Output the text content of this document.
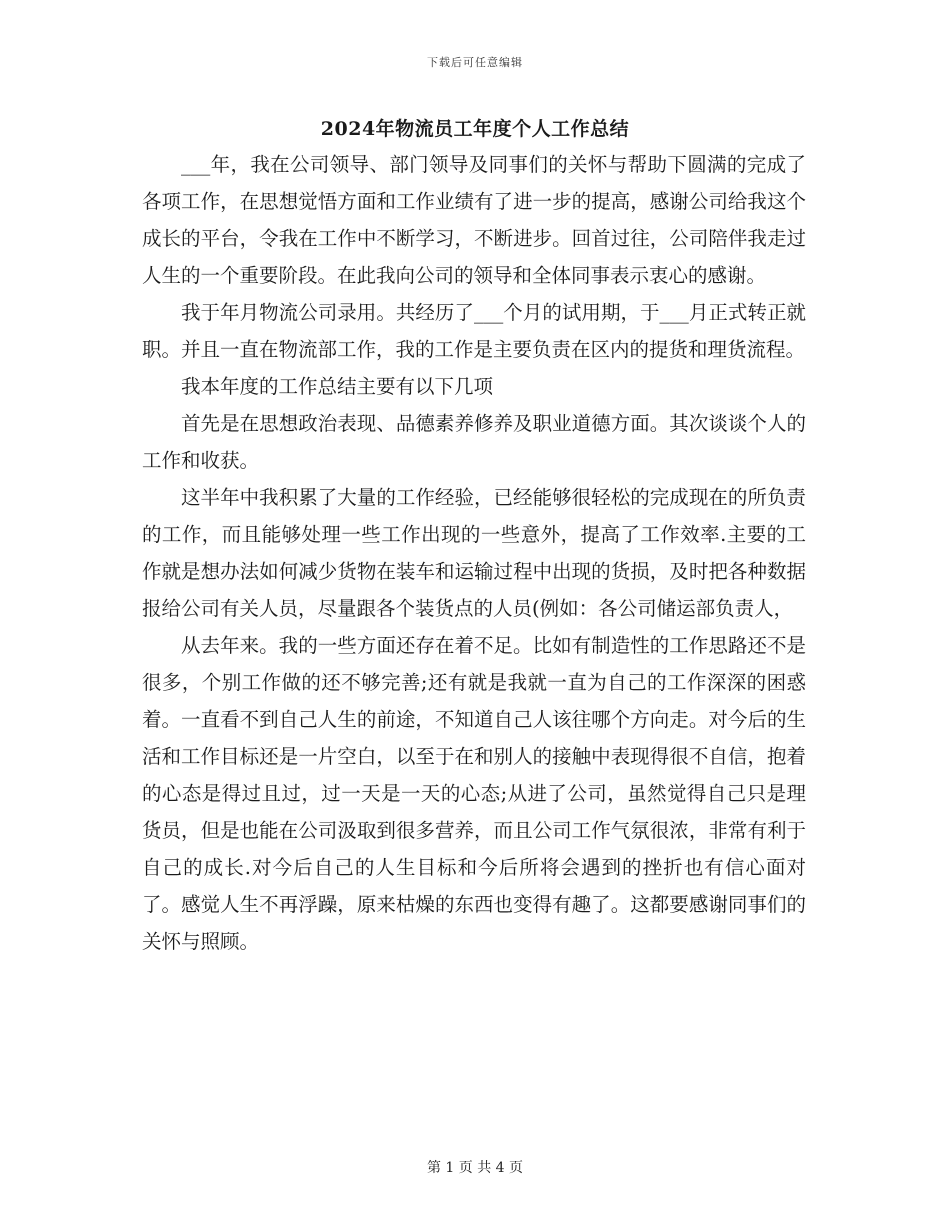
下载后可任意编辑
2024年物流员工年度个人工作总结

___年，我在公司领导、部门领导及同事们的关怀与帮助下圆满的完成了各项工作，在思想觉悟方面和工作业绩有了进一步的提高，感谢公司给我这个成长的平台，令我在工作中不断学习，不断进步。回首过往，公司陪伴我走过人生的一个重要阶段。在此我向公司的领导和全体同事表示衷心的感谢。

我于年月物流公司录用。共经历了___个月的试用期，于___月正式转正就职。并且一直在物流部工作，我的工作是主要负责在区内的提货和理货流程。

我本年度的工作总结主要有以下几项

首先是在思想政治表现、品德素养修养及职业道德方面。其次谈谈个人的工作和收获。

这半年中我积累了大量的工作经验，已经能够很轻松的完成现在的所负责的工作，而且能够处理一些工作出现的一些意外，提高了工作效率.主要的工作就是想办法如何减少货物在装车和运输过程中出现的货损，及时把各种数据报给公司有关人员，尽量跟各个装货点的人员(例如：各公司储运部负责人，

从去年来。我的一些方面还存在着不足。比如有制造性的工作思路还不是很多，个别工作做的还不够完善;还有就是我就一直为自己的工作深深的困惑着。一直看不到自己人生的前途，不知道自己人该往哪个方向走。对今后的生活和工作目标还是一片空白，以至于在和别人的接触中表现得很不自信，抱着的心态是得过且过，过一天是一天的心态;从进了公司，虽然觉得自己只是理货员，但是也能在公司汲取到很多营养，而且公司工作气氛很浓，非常有利于自己的成长.对今后自己的人生目标和今后所将会遇到的挫折也有信心面对了。感觉人生不再浮躁，原来枯燥的东西也变得有趣了。这都要感谢同事们的关怀与照顾。

第 1 页 共 4 页
